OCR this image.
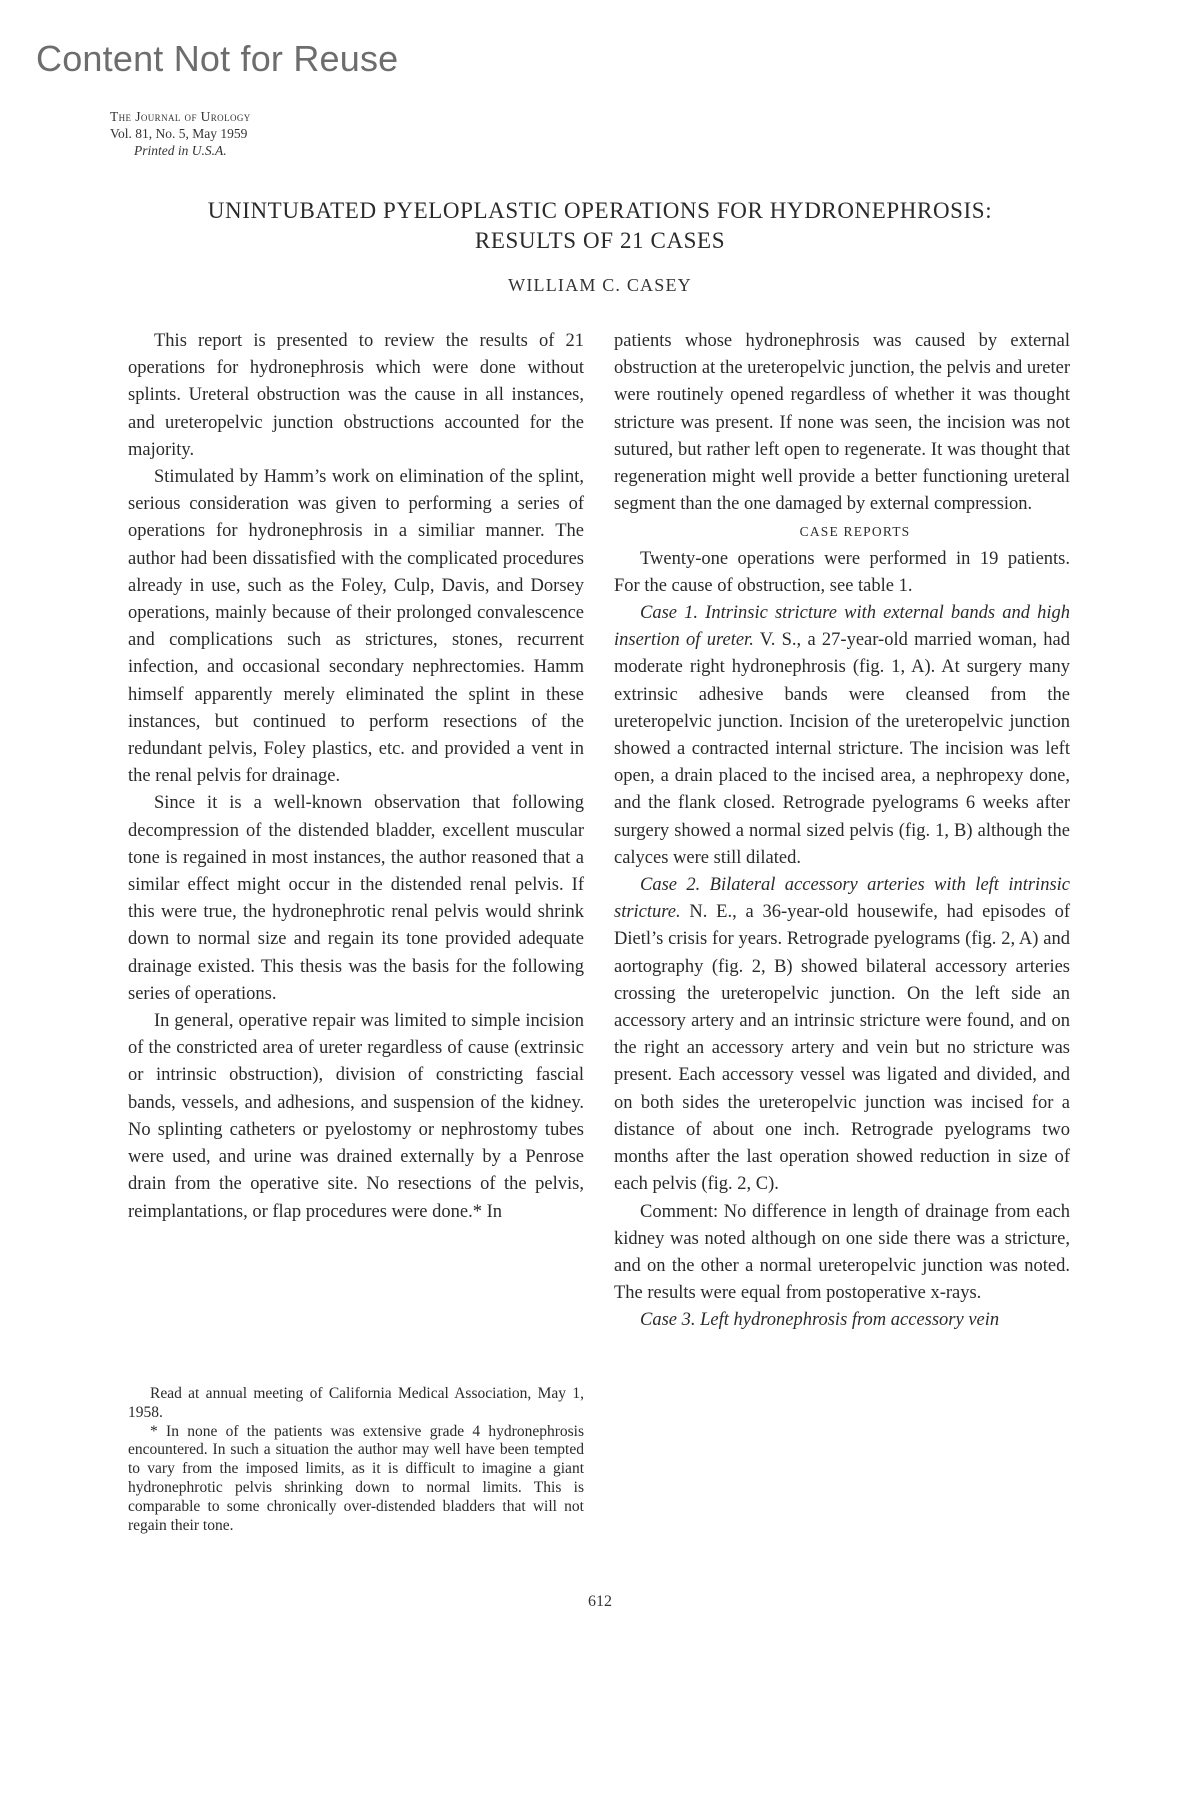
Content Not for Reuse
The Journal of Urology
Vol. 81, No. 5, May 1959
Printed in U.S.A.
UNINTUBATED PYELOPLASTIC OPERATIONS FOR HYDRONEPHROSIS:
RESULTS OF 21 CASES
WILLIAM C. CASEY

This report is presented to review the results of 21 operations for hydronephrosis which were done without splints. Ureteral obstruction was the cause in all instances, and ureteropelvic junction obstructions accounted for the majority.

Stimulated by Hamm’s work on elimination of the splint, serious consideration was given to performing a series of operations for hydronephrosis in a similiar manner. The author had been dissatisfied with the complicated procedures already in use, such as the Foley, Culp, Davis, and Dorsey operations, mainly because of their prolonged convalescence and complications such as strictures, stones, recurrent infection, and occasional secondary nephrectomies. Hamm himself apparently merely eliminated the splint in these instances, but continued to perform resections of the redundant pelvis, Foley plastics, etc. and provided a vent in the renal pelvis for drainage.

Since it is a well-known observation that following decompression of the distended bladder, excellent muscular tone is regained in most instances, the author reasoned that a similar effect might occur in the distended renal pelvis. If this were true, the hydronephrotic renal pelvis would shrink down to normal size and regain its tone provided adequate drainage existed. This thesis was the basis for the following series of operations.

In general, operative repair was limited to simple incision of the constricted area of ureter regardless of cause (extrinsic or intrinsic obstruction), division of constricting fascial bands, vessels, and adhesions, and suspension of the kidney. No splinting catheters or pyelostomy or nephrostomy tubes were used, and urine was drained externally by a Penrose drain from the operative site. No resections of the pelvis, reimplantations, or flap procedures were done.* In

Read at annual meeting of California Medical Association, May 1, 1958.

* In none of the patients was extensive grade 4 hydronephrosis encountered. In such a situation the author may well have been tempted to vary from the imposed limits, as it is difficult to imagine a giant hydronephrotic pelvis shrinking down to normal limits. This is comparable to some chronically over-distended bladders that will not regain their tone.

patients whose hydronephrosis was caused by external obstruction at the ureteropelvic junction, the pelvis and ureter were routinely opened regardless of whether it was thought stricture was present. If none was seen, the incision was not sutured, but rather left open to regenerate. It was thought that regeneration might well provide a better functioning ureteral segment than the one damaged by external compression.

CASE REPORTS

Twenty-one operations were performed in 19 patients. For the cause of obstruction, see table 1.

Case 1. Intrinsic stricture with external bands and high insertion of ureter. V. S., a 27-year-old married woman, had moderate right hydronephrosis (fig. 1, A). At surgery many extrinsic adhesive bands were cleansed from the ureteropelvic junction. Incision of the ureteropelvic junction showed a contracted internal stricture. The incision was left open, a drain placed to the incised area, a nephropexy done, and the flank closed. Retrograde pyelograms 6 weeks after surgery showed a normal sized pelvis (fig. 1, B) although the calyces were still dilated.

Case 2. Bilateral accessory arteries with left intrinsic stricture. N. E., a 36-year-old housewife, had episodes of Dietl’s crisis for years. Retrograde pyelograms (fig. 2, A) and aortography (fig. 2, B) showed bilateral accessory arteries crossing the ureteropelvic junction. On the left side an accessory artery and an intrinsic stricture were found, and on the right an accessory artery and vein but no stricture was present. Each accessory vessel was ligated and divided, and on both sides the ureteropelvic junction was incised for a distance of about one inch. Retrograde pyelograms two months after the last operation showed reduction in size of each pelvis (fig. 2, C).

Comment: No difference in length of drainage from each kidney was noted although on one side there was a stricture, and on the other a normal ureteropelvic junction was noted. The results were equal from postoperative x-rays.

Case 3. Left hydronephrosis from accessory vein

612
